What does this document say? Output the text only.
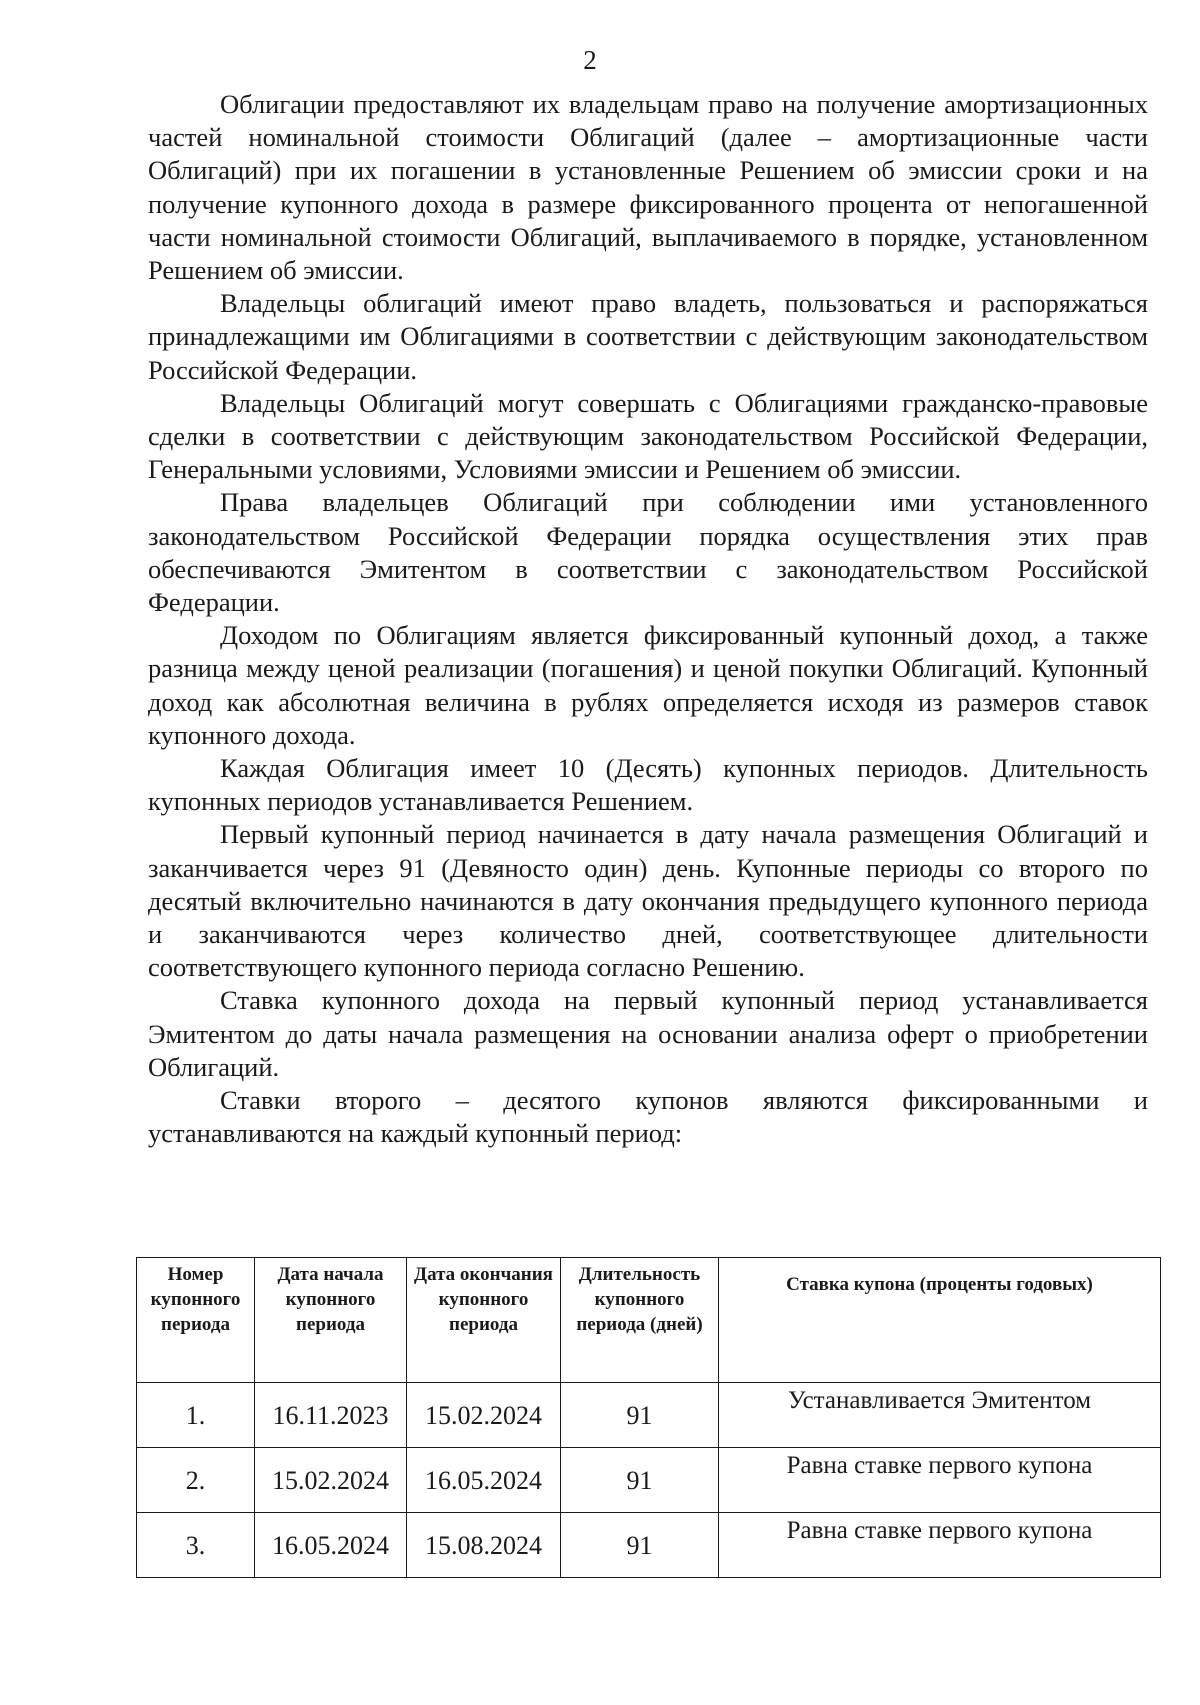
2

Облигации предоставляют их владельцам право на получение амортизационных частей номинальной стоимости Облигаций (далее – амортизационные части Облигаций) при их погашении в установленные Решением об эмиссии сроки и на получение купонного дохода в размере фиксированного процента от непогашенной части номинальной стоимости Облигаций, выплачиваемого в порядке, установленном Решением об эмиссии.

Владельцы облигаций имеют право владеть, пользоваться и распоряжаться принадлежащими им Облигациями в соответствии с действующим законодательством Российской Федерации.

Владельцы Облигаций могут совершать с Облигациями гражданско-правовые сделки в соответствии с действующим законодательством Российской Федерации, Генеральными условиями, Условиями эмиссии и Решением об эмиссии.

Права владельцев Облигаций при соблюдении ими установленного законодательством Российской Федерации порядка осуществления этих прав обеспечиваются Эмитентом в соответствии с законодательством Российской Федерации.

Доходом по Облигациям является фиксированный купонный доход, а также разница между ценой реализации (погашения) и ценой покупки Облигаций. Купонный доход как абсолютная величина в рублях определяется исходя из размеров ставок купонного дохода.

Каждая Облигация имеет 10 (Десять) купонных периодов. Длительность купонных периодов устанавливается Решением.

Первый купонный период начинается в дату начала размещения Облигаций и заканчивается через 91 (Девяносто один) день. Купонные периоды со второго по десятый включительно начинаются в дату окончания предыдущего купонного периода и заканчиваются через количество дней, соответствующее длительности соответствующего купонного периода согласно Решению.

Ставка купонного дохода на первый купонный период устанавливается Эмитентом до даты начала размещения на основании анализа оферт о приобретении Облигаций.

Ставки второго – десятого купонов являются фиксированными и устанавливаются на каждый купонный период:

Номер купонного периода	Дата начала купонного периода	Дата окончания купонного периода	Длительность купонного периода (дней)	Ставка купона (проценты годовых)
1.	16.11.2023	15.02.2024	91	Устанавливается Эмитентом
2.	15.02.2024	16.05.2024	91	Равна ставке первого купона
3.	16.05.2024	15.08.2024	91	Равна ставке первого купона
